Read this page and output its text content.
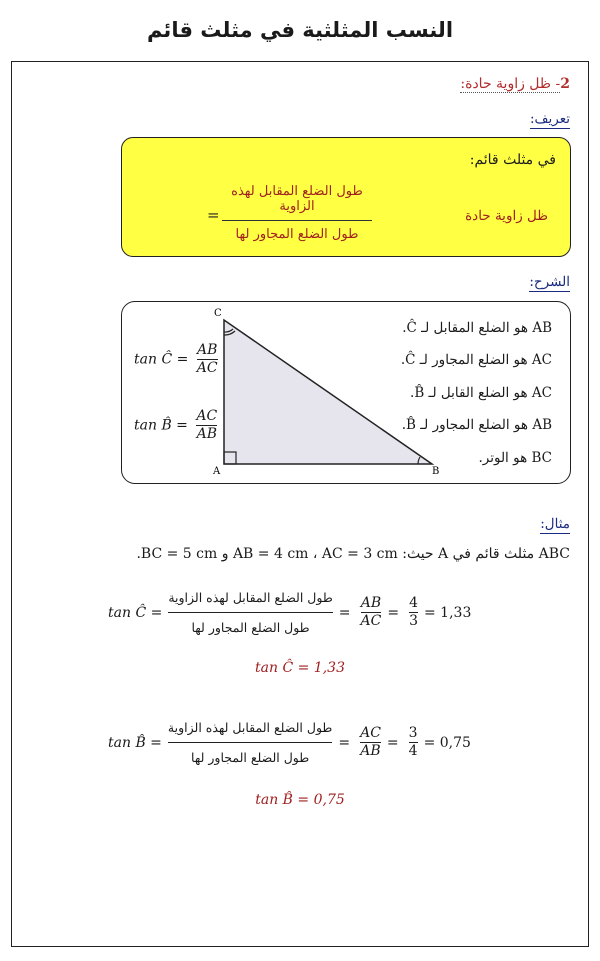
النسب المثلثية في مثلث قائم
2- ظل زاوية حادة:
تعريف:
في مثلث قائم:
ظل زاوية حادة
=
طول الضلع المقابل لهذه الزاوية
طول الضلع المجاور لها
الشرح:
C
A	B
AB هو الضلع المقابل لـ Ĉ.
AC هو الضلع المجاور لـ Ĉ.
AC هو الضلع القابل لـ B̂.
AB هو الضلع المجاور لـ B̂.
BC هو الوتر.
tan Ĉ = $\frac{AB}{AC}$
tan B̂ = $\frac{AC}{AB}$
مثال:
ABC مثلث قائم في A حيث: AB = 4 cm ، AC = 3 cm و BC = 5 cm.
tan Ĉ = $\frac{\text{طول الضلع المقابل لهذه الزاوية}}{\text{طول الضلع المجاور لها}}$ =
AB
AC
=
4
3
= 1,33
tan Ĉ = 1,33
tan B̂ = $\frac{\text{طول الضلع المقابل لهذه الزاوية}}{\text{طول الضلع المجاور لها}}$ =
AC
AB
=
3
4
= 0,75
tan B̂ = 0,75
